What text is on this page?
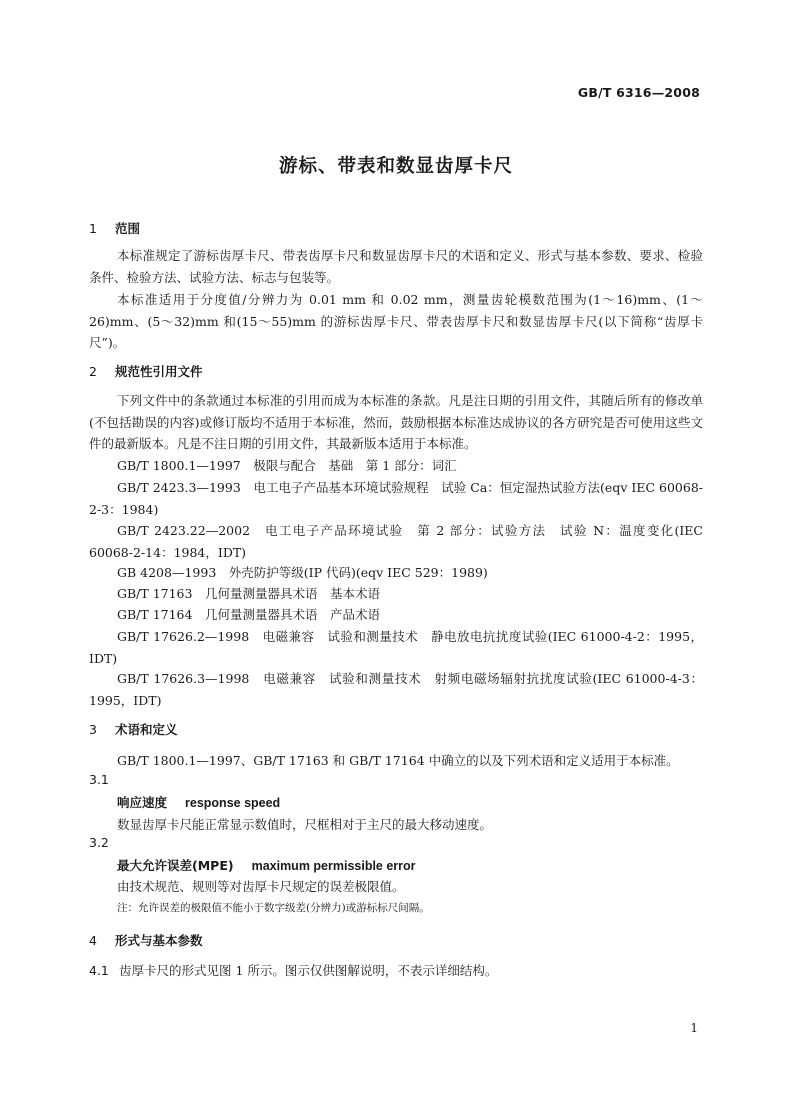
GB/T 6316—2008
游标、带表和数显齿厚卡尺
1 范围
本标准规定了游标齿厚卡尺、带表齿厚卡尺和数显齿厚卡尺的术语和定义、形式与基本参数、要求、检验条件、检验方法、试验方法、标志与包装等。
本标准适用于分度值/分辨力为 0.01 mm 和 0.02 mm，测量齿轮模数范围为(1～16)mm、(1～26)mm、(5～32)mm 和(15～55)mm 的游标齿厚卡尺、带表齿厚卡尺和数显齿厚卡尺(以下简称“齿厚卡尺”)。
2 规范性引用文件
下列文件中的条款通过本标准的引用而成为本标准的条款。凡是注日期的引用文件，其随后所有的修改单(不包括勘误的内容)或修订版均不适用于本标准，然而，鼓励根据本标准达成协议的各方研究是否可使用这些文件的最新版本。凡是不注日期的引用文件，其最新版本适用于本标准。
GB/T 1800.1—1997　极限与配合　基础　第 1 部分：词汇
GB/T 2423.3—1993　电工电子产品基本环境试验规程　试验 Ca：恒定湿热试验方法(eqv IEC 60068-2-3：1984)
GB/T 2423.22—2002　电工电子产品环境试验　第 2 部分：试验方法　试验 N：温度变化(IEC 60068-2-14：1984，IDT)
GB 4208—1993　外壳防护等级(IP 代码)(eqv IEC 529：1989)
GB/T 17163　几何量测量器具术语　基本术语
GB/T 17164　几何量测量器具术语　产品术语
GB/T 17626.2—1998　电磁兼容　试验和测量技术　静电放电抗扰度试验(IEC 61000-4-2：1995，IDT)
GB/T 17626.3—1998　电磁兼容　试验和测量技术　射频电磁场辐射抗扰度试验(IEC 61000-4-3：1995，IDT)
3 术语和定义
GB/T 1800.1—1997、GB/T 17163 和 GB/T 17164 中确立的以及下列术语和定义适用于本标准。
3.1
响应速度 response speed
数显齿厚卡尺能正常显示数值时，尺框相对于主尺的最大移动速度。
3.2
最大允许误差(MPE) maximum permissible error
由技术规范、规则等对齿厚卡尺规定的误差极限值。
注：允许误差的极限值不能小于数字级差(分辨力)或游标标尺间隔。
4 形式与基本参数
4.1 齿厚卡尺的形式见图 1 所示。图示仅供图解说明，不表示详细结构。
1
